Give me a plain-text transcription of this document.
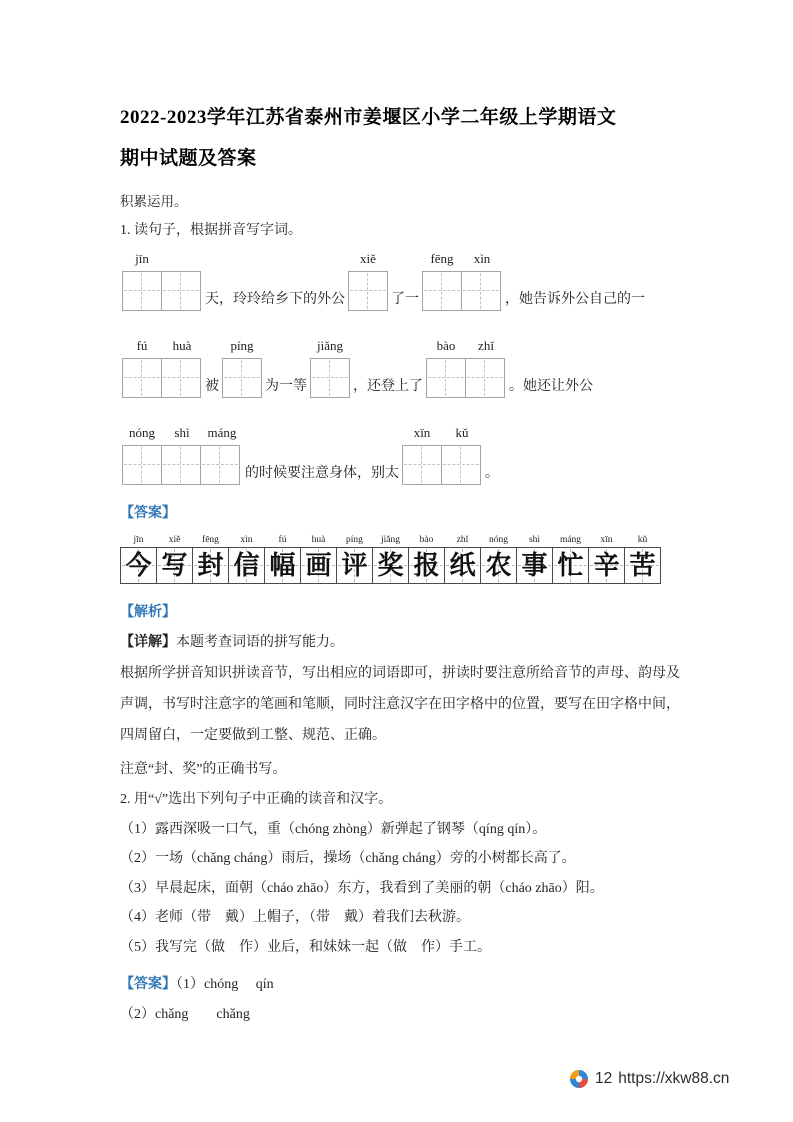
2022-2023学年江苏省泰州市姜堰区小学二年级上学期语文
期中试题及答案
积累运用。
1. 读句子，根据拼音写字词。
jīn
天，玲玲给乡下的外公
xiě
了一
fēng	xìn
，她告诉外公自己的一
fú	huà
被
píng
为一等
jiǎng
，还登上了
bào	zhǐ
。她还让外公
nóng	shì	máng
的时候要注意身体，别太
xīn	kǔ
。
【答案】
jīn
今
xiě
写
fēng
封
xìn
信
fú
幅
huà
画
píng
评
jiǎng
奖
bào
报
zhǐ
纸
nóng
农
shì
事
máng
忙
xīn
辛
kǔ
苦
【解析】
【详解】本题考查词语的拼写能力。
根据所学拼音知识拼读音节，写出相应的词语即可，拼读时要注意所给音节的声母、韵母及
声调，书写时注意字的笔画和笔顺，同时注意汉字在田字格中的位置，要写在田字格中间，
四周留白，一定要做到工整、规范、正确。
注意“封、奖”的正确书写。
2. 用“√”选出下列句子中正确的读音和汉字。
（1）露西深吸一口气，重（chóng zhòng）新弹起了钢琴（qíng qín）。
（2）一场（chǎng cháng）雨后，操场（chǎng cháng）旁的小树都长高了。
（3）早晨起床，面朝（cháo zhāo）东方，我看到了美丽的朝（cháo zhāo）阳。
（4）老师（带　戴）上帽子，（带　戴）着我们去秋游。
（5）我写完（做　作）业后，和妹妹一起（做　作）手工。
【答案】（1）chóng　 qín
（2）chǎng　　chǎng
12 https://xkw88.cn
